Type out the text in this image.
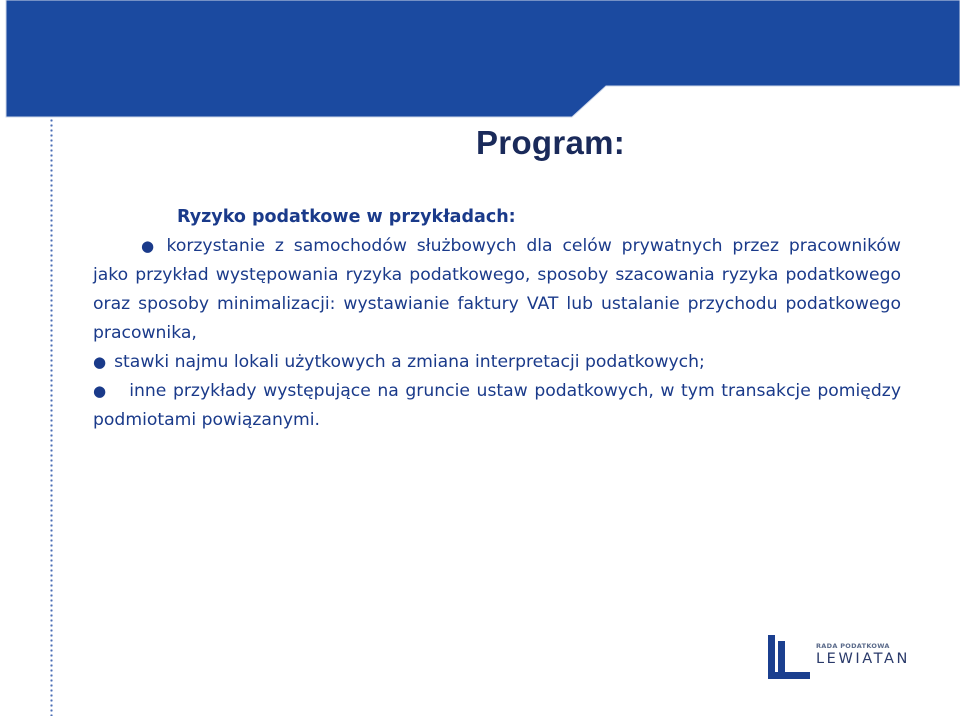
Program:
Ryzyko podatkowe w przykładach:
● korzystanie z samochodów służbowych dla celów prywatnych przez pracowników jako przykład występowania ryzyka podatkowego, sposoby szacowania ryzyka podatkowego oraz sposoby minimalizacji: wystawianie faktury VAT lub ustalanie przychodu podatkowego pracownika,
● stawki najmu lokali użytkowych a zmiana interpretacji podatkowych;
● inne przykłady występujące na gruncie ustaw podatkowych, w tym transakcje pomiędzy podmiotami powiązanymi.
RADA PODATKOWA
LEWIATAN
